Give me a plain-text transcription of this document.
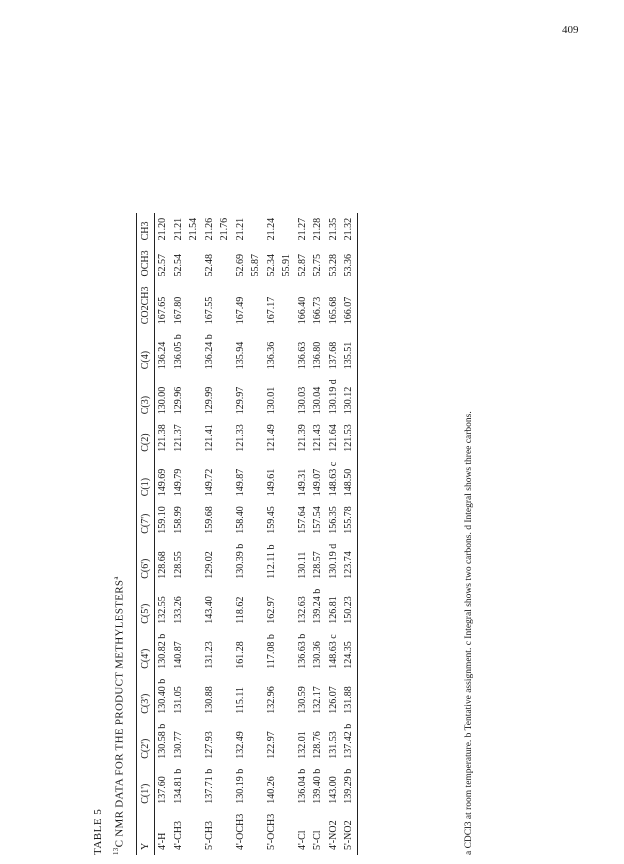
409
TABLE 5 $^{13}$C NMR DATA FOR THE PRODUCT METHYLESTERS$^a$
Y	C(1')	C(2')	C(3')	C(4')	C(5')	C(6')	C(7')	C(1)	C(2)	C(3)	C(4)	CO2CH3	OCH3	CH3

4'-H	137.60	130.58 b	130.40 b	130.82 b	132.55	128.68	159.10	149.69	121.38	130.00	136.24	167.65	52.57	21.20

4'-CH3	134.81 b	130.77	131.05	140.87	133.26	128.55	158.99	149.79	121.37	129.96	136.05 b	167.80	52.54	21.21 21.54

5'-CH3	137.71 b	127.93	130.88	131.23	143.40	129.02	159.68	149.72	121.41	129.99	136.24 b	167.55	52.48	21.26 21.76

4'-OCH3	130.19 b	132.49	115.11	161.28	118.62	130.39 b	158.40	149.87	121.33	129.97	135.94	167.49	52.69 55.87	21.21

5'-OCH3	140.26	122.97	132.96	117.08 b	162.97	112.11 b	159.45	149.61	121.49	130.01	136.36	167.17	52.34 55.91	21.24

4'-Cl	136.04 b	132.01	130.59	136.63 b	132.63	130.11	157.64	149.31	121.39	130.03	136.63	166.40	52.87	21.27

5'-Cl	139.40 b	128.76	132.17	130.36	139.24 b	128.57	157.54	149.07	121.43	130.04	136.80	166.73	52.75	21.28

4'-NO2	143.00	131.53	126.07	148.63 c	126.81	130.19 d	156.35	148.63 c	121.64	130.19 d	137.68	165.68	53.28	21.35

5'-NO2	139.29 b	137.42 b	131.88	124.35	150.23	123.74	155.78	148.50	121.53	130.12	135.51	166.07	53.36	21.32
a CDCl3 at room temperature. b Tentative assignment. c Integral shows two carbons. d Integral shows three carbons.
